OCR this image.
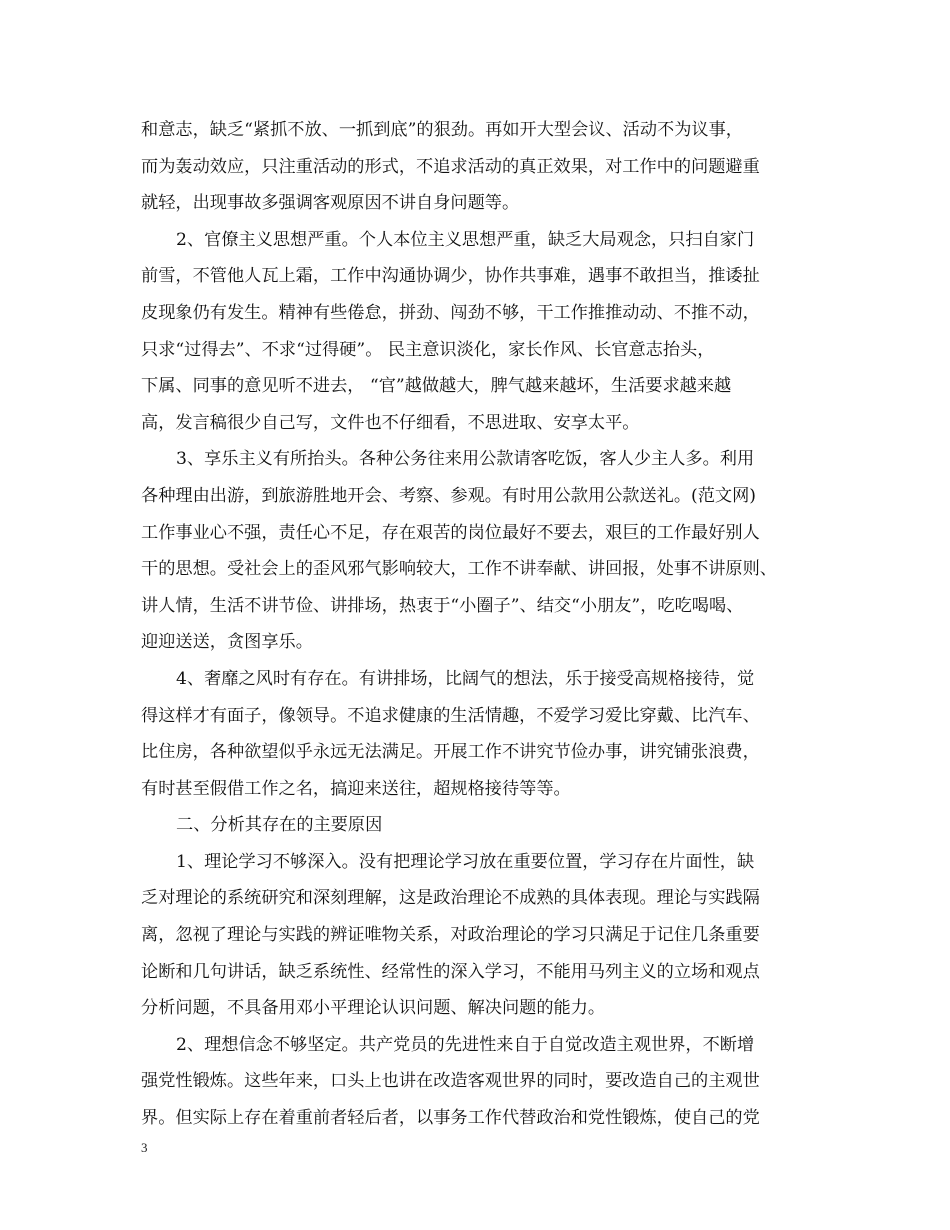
和意志，缺乏“紧抓不放、一抓到底”的狠劲。再如开大型会议、活动不为议事，
而为轰动效应，只注重活动的形式，不追求活动的真正效果，对工作中的问题避重
就轻，出现事故多强调客观原因不讲自身问题等。
2、官僚主义思想严重。个人本位主义思想严重，缺乏大局观念，只扫自家门
前雪，不管他人瓦上霜，工作中沟通协调少，协作共事难，遇事不敢担当，推诿扯
皮现象仍有发生。精神有些倦怠，拼劲、闯劲不够，干工作推推动动、不推不动，
只求“过得去”、不求“过得硬”。 民主意识淡化，家长作风、长官意志抬头，
下属、同事的意见听不进去， “官”越做越大，脾气越来越坏，生活要求越来越
高，发言稿很少自己写，文件也不仔细看，不思进取、安享太平。
3、享乐主义有所抬头。各种公务往来用公款请客吃饭，客人少主人多。利用
各种理由出游，到旅游胜地开会、考察、参观。有时用公款用公款送礼。(范文网)
工作事业心不强，责任心不足，存在艰苦的岗位最好不要去，艰巨的工作最好别人
干的思想。受社会上的歪风邪气影响较大，工作不讲奉献、讲回报，处事不讲原则、
讲人情，生活不讲节俭、讲排场，热衷于“小圈子”、结交“小朋友”，吃吃喝喝、
迎迎送送，贪图享乐。
4、奢靡之风时有存在。有讲排场，比阔气的想法，乐于接受高规格接待，觉
得这样才有面子，像领导。不追求健康的生活情趣，不爱学习爱比穿戴、比汽车、
比住房，各种欲望似乎永远无法满足。开展工作不讲究节俭办事，讲究铺张浪费，
有时甚至假借工作之名，搞迎来送往，超规格接待等等。
二、分析其存在的主要原因
1、理论学习不够深入。没有把理论学习放在重要位置，学习存在片面性，缺
乏对理论的系统研究和深刻理解，这是政治理论不成熟的具体表现。理论与实践隔
离，忽视了理论与实践的辨证唯物关系，对政治理论的学习只满足于记住几条重要
论断和几句讲话，缺乏系统性、经常性的深入学习，不能用马列主义的立场和观点
分析问题，不具备用邓小平理论认识问题、解决问题的能力。
2、理想信念不够坚定。共产党员的先进性来自于自觉改造主观世界，不断增
强党性锻炼。这些年来，口头上也讲在改造客观世界的同时，要改造自己的主观世
界。但实际上存在着重前者轻后者，以事务工作代替政治和党性锻炼，使自己的党
3
